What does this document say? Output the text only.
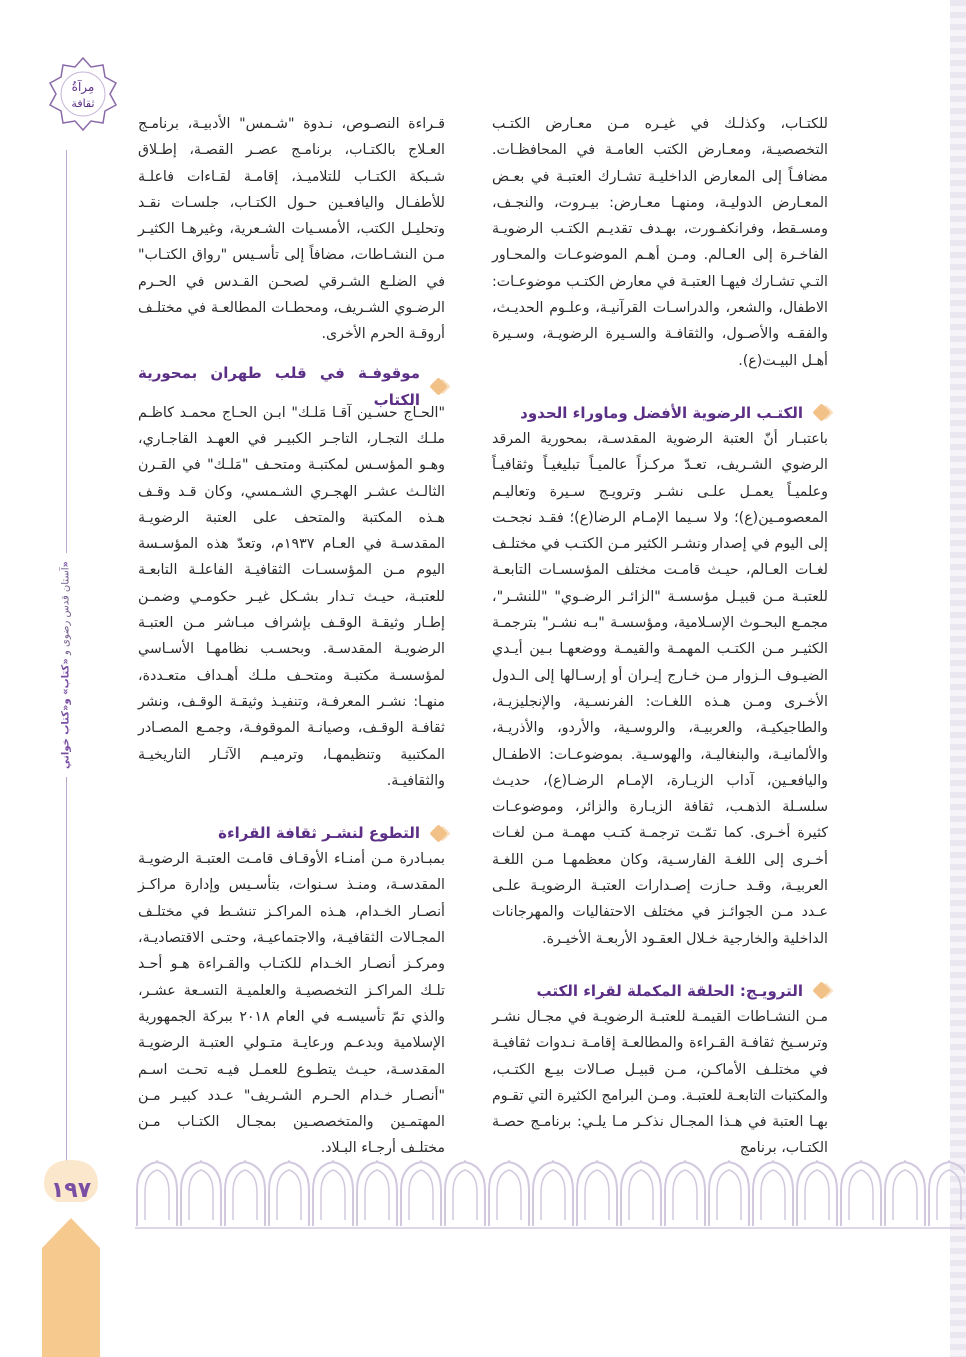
مِرآةُ
ثقافة
آستان قدس رضوی و «كتاب» و«كتاب خواني»
١٩٧

للكتـاب، وكذلـك في غيـره مـن معـارض الكتـب التخصصيـة، ومعـارض الكتب العامـة في المحافظـات. مضافـاً إلى المعارض الداخليـة تشـارك العتبـة في بعـض المعـارض الدوليـة، ومنهـا معـارض: بيـروت، والنجـف، ومسـقط، وفرانكفـورت، بهـدف تقديـم الكتـب الرضويـة الفاخـرة إلى العـالم. ومـن أهـم الموضوعـات والمحـاور التـي تشـارك فيهـا العتبـة في معارض الكتـب موضوعـات: الاطفال، والشعر، والدراسـات القرآنيـة، وعلـوم الحديـث، والفقـه والأصـول، والثقافـة والسـيرة الرضويـة، وسـيرة أهـل البيـت(ع).

الكتـب الرضوية الأفضل وماوراء الحدود

باعتبـار أنّ العتبة الرضوية المقدسـة، بمحورية المرقد الرضوي الشـريف، تعـدّ مركـزاً عالميـاً تبليغيـاً وثقافيـاً وعلميـاً يعمـل علـى نشـر وترويـج سـيرة وتعاليـم المعصومـين(ع)؛ ولا سـيما الإمـام الرضا(ع)؛ فقـد نجحـت إلى اليوم في إصدار ونشـر الكثير مـن الكتـب في مختلـف لغـات العـالم، حيـث قامـت مختلف المؤسسـات التابعـة للعتبـة مـن قبيـل مؤسسـة "الزائـر الرضـوي" "للنشـر"، مجمـع البحـوث الإسـلامية، ومؤسسـة "بـه نشـر" بترجمـة الكثيـر مـن الكتـب المهمـة والقيمـة ووضعهـا بـين أيـدي الضيـوف الـزوار مـن خـارج إيـران أو إرسـالها إلى الـدول الأخـرى ومـن هـذه اللغـات: الفرنسـية، والإنجليزيـة، والطاجيكيـة، والعربيـة، والروسـية، والأردو، والأذريـة، والألمانيـة، والبنغاليـة، والهوسـية. بموضوعـات: الاطفـال واليافعـين، آداب الزيـارة، الإمـام الرضـا(ع)، حديـث سلسـلة الذهـب، ثقافة الزيـارة والزائر، وموضوعـات كثيرة أخـرى. كما تمّـت ترجمـة كتـب مهمـة مـن لغـات أخـرى إلى اللغـة الفارسـية، وكان معظمهـا مـن اللغـة العربيـة، وقـد حـازت إصـدارات العتبـة الرضويـة علـى عـدد مـن الجوائـز في مختلف الاحتفاليات والمهرجانات الداخلية والخارجية خـلال العقـود الأربعـة الأخيـرة.

الترويـج: الحلقة المكملة لقراء الكتب

مـن النشـاطات القيمـة للعتبـة الرضويـة في مجـال نشـر وترسـيخ ثقافـة القـراءة والمطالعـة إقامـة نـدوات ثقافيـة في مختلـف الأماكـن، مـن قبيـل صـالات بيـع الكتـب، والمكتبات التابعـة للعتبـة. ومـن البرامج الكثيرة التي تقـوم بهـا العتبة في هـذا المجـال نذكـر مـا يلـي: برنامـج حصـة الكتـاب، برنامج

قـراءة النصـوص، نـدوة "شـمس" الأدبيـة، برنامـج العـلاج بالكتـاب، برنامـج عصـر القصـة، إطـلاق شـبكة الكتـاب للتلاميـذ، إقامـة لقـاءات فاعلـة للأطفـال واليافعـين حـول الكتـاب، جلسـات نقـد وتحليـل الكتب، الأمسـيات الشـعرية، وغيرهـا الكثيـر مـن النشـاطات، مضافاً إلى تأسـيس "رواق الكتـاب" في الضلـع الشـرقي لصحـن القـدس في الحـرم الرضـوي الشـريف، ومحطـات المطالعـة في مختلـف أروقـة الحرم الأخرى.

موقوفـة في قلب طهران بمحورية الكتاب

"الحـاج حسـين آقـا مَلـك" ابـن الحـاج محمـد كاظـم ملـك التجـار، التاجـر الكبيـر في العهـد القاجـاري، وهـو المؤسـس لمكتبـة ومتحـف "مَلـك" في القـرن الثالـث عشـر الهجـري الشـمسي، وكان قـد وقـف هـذه المكتبة والمتحف على العتبة الرضويـة المقدسـة في العـام ١٩٣٧م، وتعدّ هذه المؤسـسة اليوم مـن المؤسسـات الثقافيـة الفاعلـة التابعـة للعتبـة، حيـث تـدار بشـكل غيـر حكومـي وضمـن إطـار وثيقـة الوقـف بإشراف مبـاشر مـن العتبـة الرضويـة المقدسـة. وبحسـب نظامهـا الأسـاسي لمؤسسـة مكتبـة ومتحـف ملـك أهـداف متعـددة، منهـا: نشـر المعرفـة، وتنفيـذ وثيقـة الوقـف، ونشر ثقافـة الوقـف، وصيانـة الموقوفـة، وجمـع المصـادر المكتبية وتنظيمهـا، وترميـم الآثـار التاريخيـة والثقافيـة.

التطوع لنشـر ثقافة القراءة

بمبـادرة مـن أمنـاء الأوقـاف قامـت العتبـة الرضويـة المقدسـة، ومنـذ سـنوات، بتأسـيس وإدارة مراكـز أنصـار الخـدام، هـذه المراكـز تنشـط في مختلـف المجـالات الثقافيـة، والاجتماعيـة، وحتـى الاقتصاديـة، ومركـز أنصـار الخـدام للكتـاب والقـراءة هـو أحـد تلـك المراكـز التخصصيـة والعلميـة التسـعة عشـر، والذي تمّ تأسيسـه في العام ٢٠١٨ ببركة الجمهورية الإسلامية وبدعـم ورعايـة متـولي العتبـة الرضويـة المقدسـة، حيـث يتطـوع للعمـل فيـه تحـت اسـم "أنصـار خـدام الحـرم الشـريف" عـدد كبيـر مـن المهتمـين والمتخصصـين بمجـال الكتـاب مـن مختلـف أرجـاء البـلاد.
